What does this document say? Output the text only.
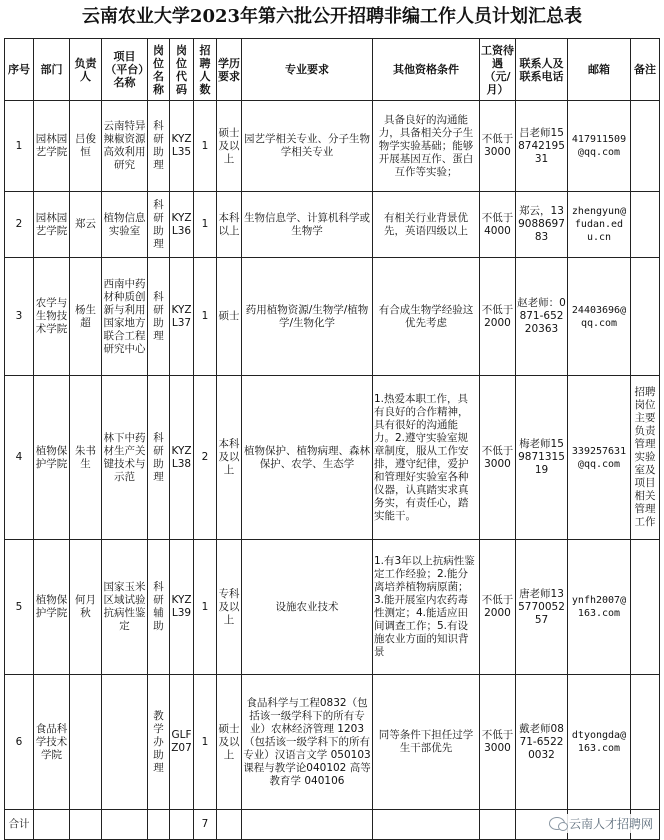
云南农业大学2023年第六批公开招聘非编工作人员计划汇总表
序号	部门	负责人	项目（平台）名称	岗位名称	岗位代码	招聘人数	学历要求	专业要求	其他资格条件	工资待遇（元/月）	联系人及联系电话	邮箱	备注
1	园林园艺学院	吕俊恒	云南特异辣椒资源高效利用研究	科研助理	KYZL35	1	硕士及以上	园艺学相关专业、分子生物学相关专业	具备良好的沟通能力，具备相关分子生物学实验基础；能够开展基因互作、蛋白互作等实验；	不低于3000	吕老师15874219531	417911509@qq.com	
2	园林园艺学院	郑云	植物信息实验室	科研助理	KYZL36	1	本科以上	生物信息学、计算机科学或生物学	有相关行业背景优先，英语四级以上	不低于4000	郑云，13908869783	zhengyun@fudan.edu.cn	
3	农学与生物技术学院	杨生超	西南中药材种质创新与利用国家地方联合工程研究中心	科研助理	KYZL37	1	硕士	药用植物资源/生物学/植物学/生物化学	有合成生物学经验这优先考虑	不低于2000	赵老师：0871-65220363	24403696@qq.com	
4	植物保护学院	朱书生	林下中药材生产关键技术与示范	科研助理	KYZL38	2	本科及以上	植物保护、植物病理、森林保护、农学、生态学	1.热爱本职工作，具有良好的合作精神，具有很好的沟通能力。2.遵守实验室规章制度，服从工作安排，遵守纪律，爱护和管理好实验室各种仪器，认真踏实求真务实，有责任心，踏实能干。	不低于3000	梅老师15987131519	339257631@qq.com	招聘岗位主要负责管理实验室及项目相关管理工作
5	植物保护学院	何月秋	国家玉米区域试验抗病性鉴定	科研辅助	KYZL39	1	专科及以上	设施农业技术	1.有3年以上抗病性鉴定工作经验；2.能分离培养植物病原菌；3.能开展室内农药毒性测定；4.能适应田间调查工作；5.有设施农业方面的知识背景	不低于2000	唐老师13577005257	ynfh2007@163.com	
6	食品科学技术学院			教学办助理	GLFZ07	1	硕士及以上	食品科学与工程0832（包括该一级学科下的所有专业）农林经济管理 1203（包括该一级学科下的所有专业）汉语言文学 050103 课程与教学论040102 高等教育学 040106	同等条件下担任过学生干部优先	不低于3000	戴老师0871-65220032	dtyongda@163.com	
合计						7								云南人才招聘网
